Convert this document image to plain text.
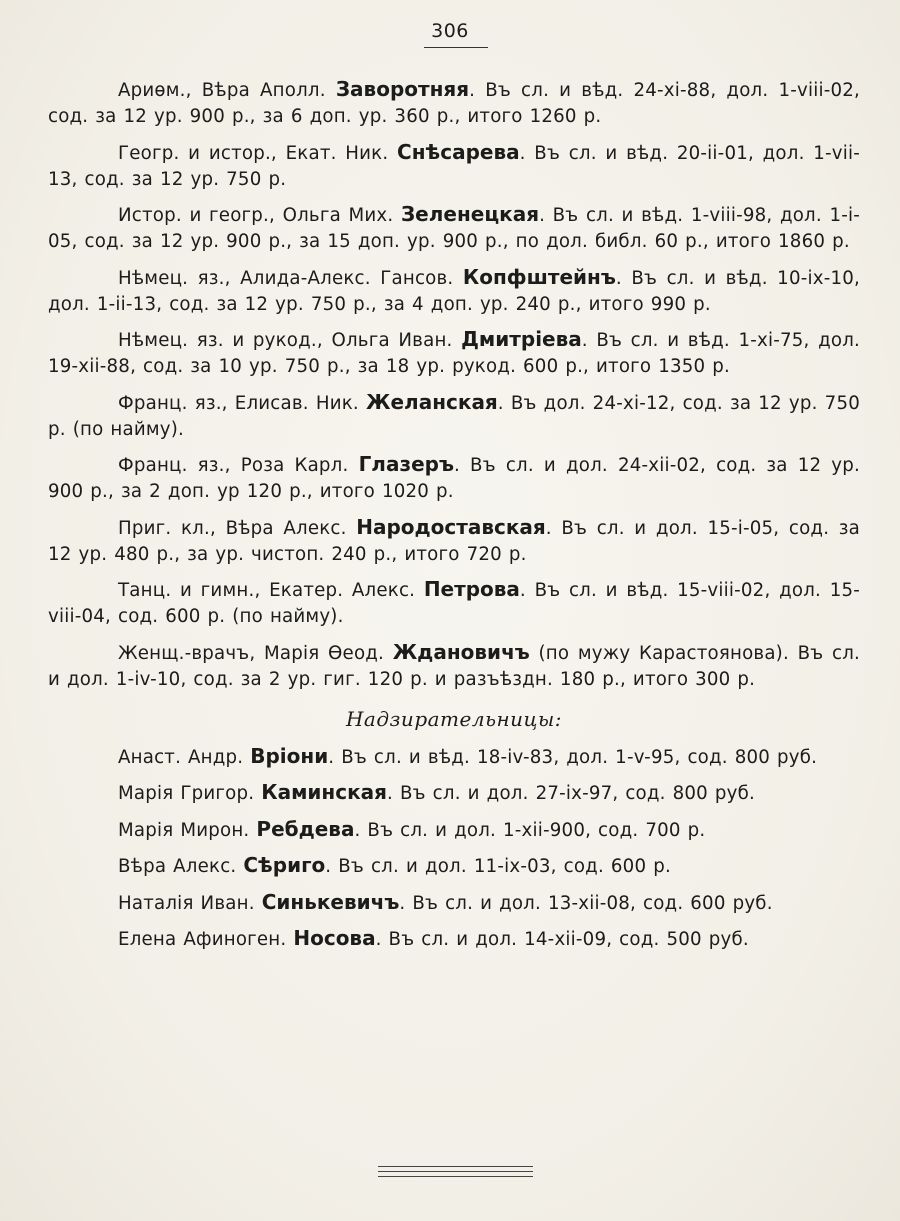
306

Ариѳм., Вѣра Аполл. Заворотняя. Въ сл. и вѣд. 24-xi-88, дол. 1-viii-02, сод. за 12 ур. 900 р., за 6 доп. ур. 360 р., итого 1260 р.

Геогр. и истор., Екат. Ник. Снѣсарева. Въ сл. и вѣд. 20-ii-01, дол. 1-vii-13, сод. за 12 ур. 750 р.

Истор. и геогр., Ольга Мих. Зеленецкая. Въ сл. и вѣд. 1-viii-98, дол. 1-i-05, сод. за 12 ур. 900 р., за 15 доп. ур. 900 р., по дол. библ. 60 р., итого 1860 р.

Нѣмец. яз., Алида-Алекс. Гансов. Копфштейнъ. Въ сл. и вѣд. 10-ix-10, дол. 1-ii-13, сод. за 12 ур. 750 р., за 4 доп. ур. 240 р., итого 990 р.

Нѣмец. яз. и рукод., Ольга Иван. Дмитріева. Въ сл. и вѣд. 1-xi-75, дол. 19-xii-88, сод. за 10 ур. 750 р., за 18 ур. рукод. 600 р., итого 1350 р.

Франц. яз., Елисав. Ник. Желанская. Въ дол. 24-xi-12, сод. за 12 ур. 750 р. (по найму).

Франц. яз., Роза Карл. Глазеръ. Въ сл. и дол. 24-xii-02, сод. за 12 ур. 900 р., за 2 доп. ур 120 р., итого 1020 р.

Приг. кл., Вѣра Алекс. Народоставская. Въ сл. и дол. 15-i-05, сод. за 12 ур. 480 р., за ур. чистоп. 240 р., итого 720 р.

Танц. и гимн., Екатер. Алекс. Петрова. Въ сл. и вѣд. 15-viii-02, дол. 15-viii-04, сод. 600 р. (по найму).

Женщ.-врачъ, Марія Ѳеод. Ждановичъ (по мужу Карастоянова). Въ сл. и дол. 1-iv-10, сод. за 2 ур. гиг. 120 р. и разъѣздн. 180 р., итого 300 р.

Надзирательницы:

Анаст. Андр. Вріони. Въ сл. и вѣд. 18-iv-83, дол. 1-v-95, сод. 800 руб.

Марія Григор. Каминская. Въ сл. и дол. 27-ix-97, сод. 800 руб.

Марія Мирон. Ребдева. Въ сл. и дол. 1-xii-900, сод. 700 р.

Вѣра Алекс. Сѣриго. Въ сл. и дол. 11-ix-03, сод. 600 р.

Наталія Иван. Синькевичъ. Въ сл. и дол. 13-xii-08, сод. 600 руб.

Елена Афиноген. Носова. Въ сл. и дол. 14-xii-09, сод. 500 руб.
